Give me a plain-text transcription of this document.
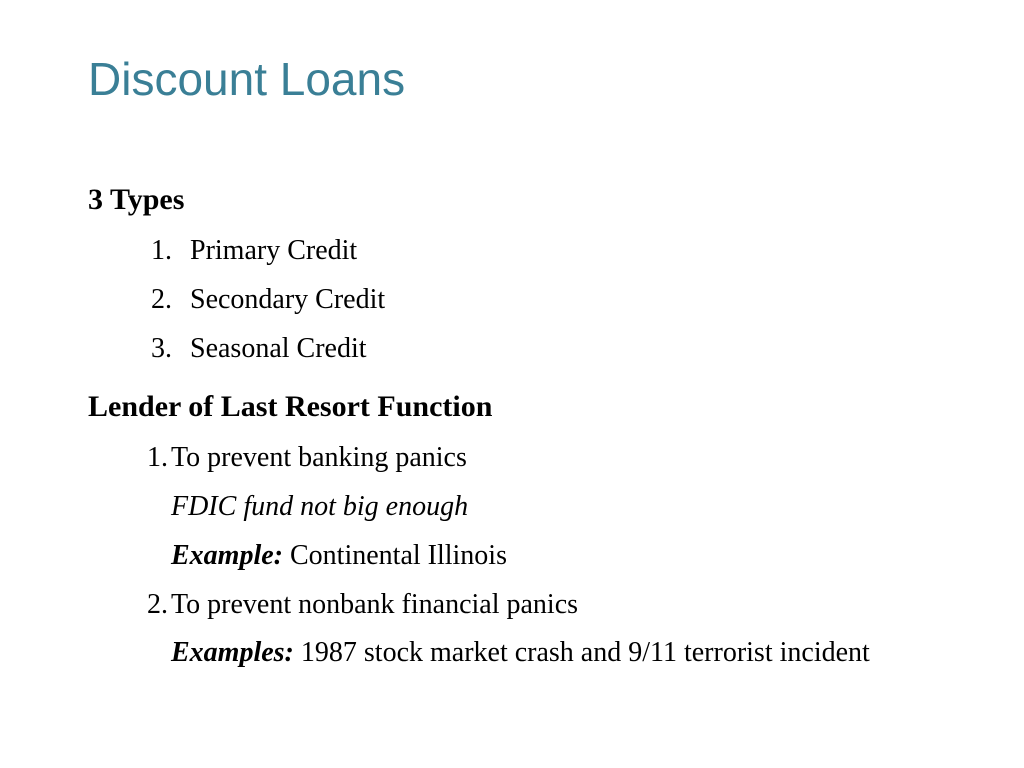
Discount Loans
3 Types
1. Primary Credit
2. Secondary Credit
3. Seasonal Credit
Lender of Last Resort Function
1. To prevent banking panics
FDIC fund not big enough
Example: Continental Illinois
2. To prevent nonbank financial panics
Examples: 1987 stock market crash and 9/11 terrorist incident
